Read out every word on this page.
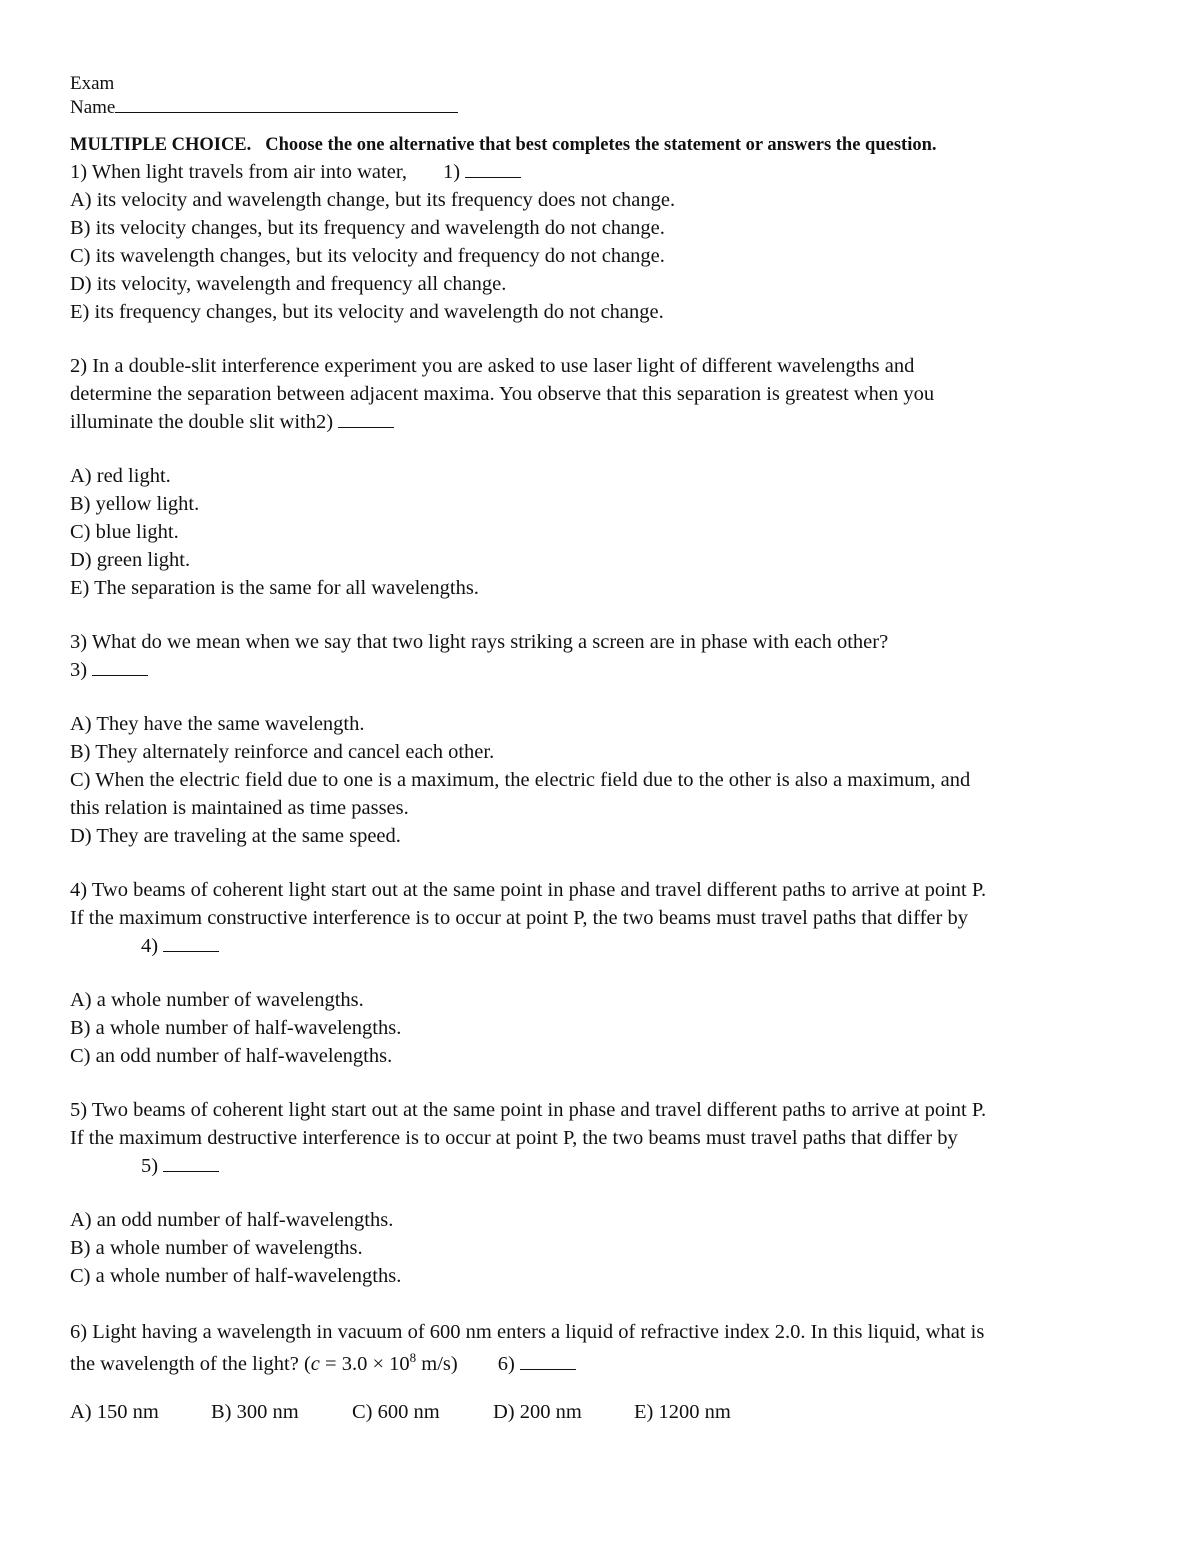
Exam
Name
MULTIPLE CHOICE. Choose the one alternative that best completes the statement or answers the question.
1) When light travels from air into water, 1)
A) its velocity and wavelength change, but its frequency does not change.
B) its velocity changes, but its frequency and wavelength do not change.
C) its wavelength changes, but its velocity and frequency do not change.
D) its velocity, wavelength and frequency all change.
E) its frequency changes, but its velocity and wavelength do not change.
2) In a double-slit interference experiment you are asked to use laser light of different wavelengths and
determine the separation between adjacent maxima. You observe that this separation is greatest when you
illuminate the double slit with2)
A) red light.
B) yellow light.
C) blue light.
D) green light.
E) The separation is the same for all wavelengths.
3) What do we mean when we say that two light rays striking a screen are in phase with each other?
3)
A) They have the same wavelength.
B) They alternately reinforce and cancel each other.
C) When the electric field due to one is a maximum, the electric field due to the other is also a maximum, and
this relation is maintained as time passes.
D) They are traveling at the same speed.
4) Two beams of coherent light start out at the same point in phase and travel different paths to arrive at point P.
If the maximum constructive interference is to occur at point P, the two beams must travel paths that differ by
4)
A) a whole number of wavelengths.
B) a whole number of half-wavelengths.
C) an odd number of half-wavelengths.
5) Two beams of coherent light start out at the same point in phase and travel different paths to arrive at point P.
If the maximum destructive interference is to occur at point P, the two beams must travel paths that differ by
5)
A) an odd number of half-wavelengths.
B) a whole number of wavelengths.
C) a whole number of half-wavelengths.
6) Light having a wavelength in vacuum of 600 nm enters a liquid of refractive index 2.0. In this liquid, what is
the wavelength of the light? ($c = 3.0 \times 10^8$ m/s) 6)
A) 150 nm	B) 300 nm	C) 600 nm	D) 200 nm	E) 1200 nm
